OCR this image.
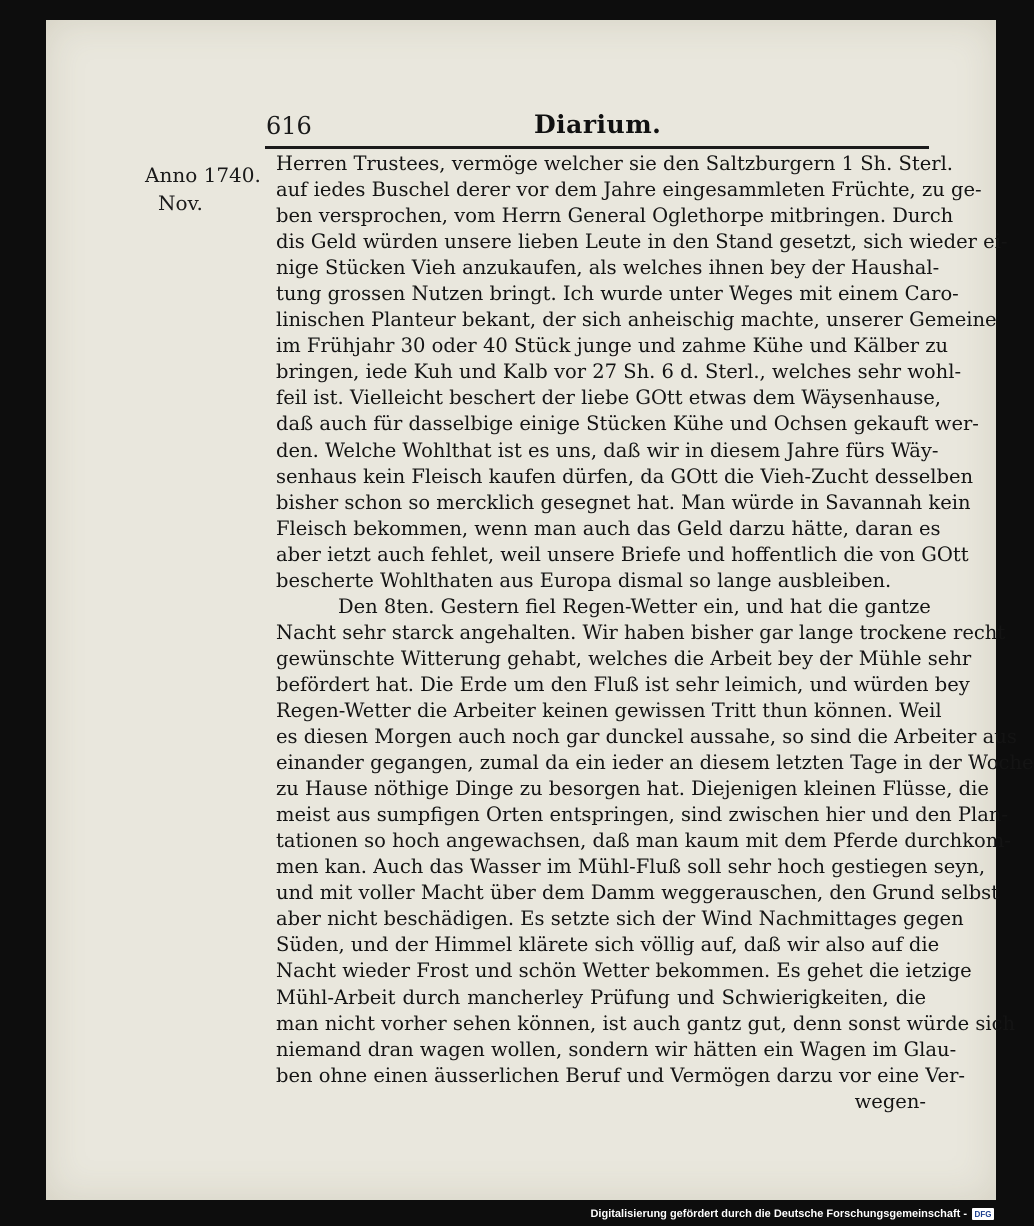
616	Diarium.
Anno 1740.
Nov.
Herren Trustees, vermöge welcher sie den Saltzburgern 1 Sh. Sterl.
auf iedes Buschel derer vor dem Jahre eingesammleten Früchte, zu ge-
ben versprochen, vom Herrn General Oglethorpe mitbringen. Durch
dis Geld würden unsere lieben Leute in den Stand gesetzt, sich wieder ei-
nige Stücken Vieh anzukaufen, als welches ihnen bey der Haushal-
tung grossen Nutzen bringt. Ich wurde unter Weges mit einem Caro-
linischen Planteur bekant, der sich anheischig machte, unserer Gemeine
im Frühjahr 30 oder 40 Stück junge und zahme Kühe und Kälber zu
bringen, iede Kuh und Kalb vor 27 Sh. 6 d. Sterl., welches sehr wohl-
feil ist. Vielleicht beschert der liebe GOtt etwas dem Wäysenhause,
daß auch für dasselbige einige Stücken Kühe und Ochsen gekauft wer-
den. Welche Wohlthat ist es uns, daß wir in diesem Jahre fürs Wäy-
senhaus kein Fleisch kaufen dürfen, da GOtt die Vieh-Zucht desselben
bisher schon so mercklich gesegnet hat. Man würde in Savannah kein
Fleisch bekommen, wenn man auch das Geld darzu hätte, daran es
aber ietzt auch fehlet, weil unsere Briefe und hoffentlich die von GOtt
bescherte Wohlthaten aus Europa dismal so lange ausbleiben.
Den 8ten. Gestern fiel Regen-Wetter ein, und hat die gantze
Nacht sehr starck angehalten. Wir haben bisher gar lange trockene recht
gewünschte Witterung gehabt, welches die Arbeit bey der Mühle sehr
befördert hat. Die Erde um den Fluß ist sehr leimich, und würden bey
Regen-Wetter die Arbeiter keinen gewissen Tritt thun können. Weil
es diesen Morgen auch noch gar dunckel aussahe, so sind die Arbeiter aus
einander gegangen, zumal da ein ieder an diesem letzten Tage in der Woche
zu Hause nöthige Dinge zu besorgen hat. Diejenigen kleinen Flüsse, die
meist aus sumpfigen Orten entspringen, sind zwischen hier und den Plan-
tationen so hoch angewachsen, daß man kaum mit dem Pferde durchkom-
men kan. Auch das Wasser im Mühl-Fluß soll sehr hoch gestiegen seyn,
und mit voller Macht über dem Damm weggerauschen, den Grund selbst
aber nicht beschädigen. Es setzte sich der Wind Nachmittages gegen
Süden, und der Himmel klärete sich völlig auf, daß wir also auf die
Nacht wieder Frost und schön Wetter bekommen. Es gehet die ietzige
Mühl-Arbeit durch mancherley Prüfung und Schwierigkeiten, die
man nicht vorher sehen können, ist auch gantz gut, denn sonst würde sich
niemand dran wagen wollen, sondern wir hätten ein Wagen im Glau-
ben ohne einen äusserlichen Beruf und Vermögen darzu vor eine Ver-
wegen-
Digitalisierung gefördert durch die Deutsche Forschungsgemeinschaft - DFG
